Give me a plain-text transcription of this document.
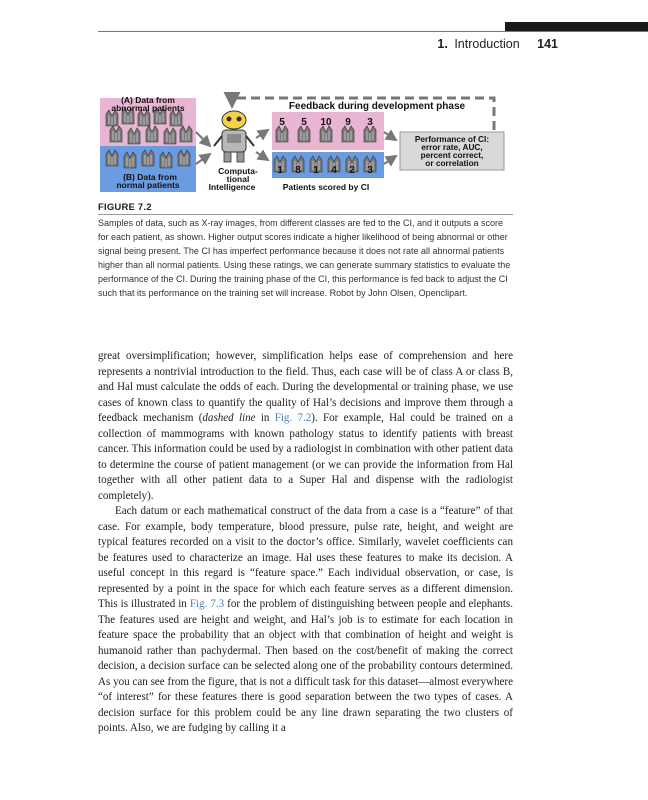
1. Introduction 141
(A) Data from
abnormal patients
(B) Data from
normal patients
Computa-
tional
Intelligence
Feedback during development phase
5 5 10 9 3
1 8 1 4 2 3
Patients scored by CI
Performance of CI:
error rate, AUC,
percent correct,
or correlation
FIGURE 7.2
Samples of data, such as X-ray images, from different classes are fed to the CI, and it outputs a score for each patient, as shown. Higher output scores indicate a higher likelihood of being abnormal or other signal being present. The CI has imperfect performance because it does not rate all abnormal patients higher than all normal patients. Using these ratings, we can generate summary statistics to evaluate the performance of the CI. During the training phase of the CI, this performance is fed back to adjust the CI such that its performance on the training set will increase. Robot by John Olsen, Openclipart.

great oversimplification; however, simplification helps ease of comprehension and here represents a nontrivial introduction to the field. Thus, each case will be of class A or class B, and Hal must calculate the odds of each. During the developmental or training phase, we use cases of known class to quantify the quality of Hal’s decisions and improve them through a feedback mechanism (dashed line in Fig. 7.2). For example, Hal could be trained on a collection of mammograms with known pathology status to identify patients with breast cancer. This information could be used by a radiologist in combination with other patient data to determine the course of patient management (or we can provide the information from Hal together with all other patient data to a Super Hal and dispense with the radiologist completely).

Each datum or each mathematical construct of the data from a case is a “feature” of that case. For example, body temperature, blood pressure, pulse rate, height, and weight are typical features recorded on a visit to the doctor’s office. Similarly, wavelet coefficients can be features used to characterize an image. Hal uses these features to make its decision. A useful concept in this regard is “feature space.” Each individual observation, or case, is represented by a point in the space for which each feature serves as a different dimension. This is illustrated in Fig. 7.3 for the problem of distinguishing between people and elephants. The features used are height and weight, and Hal’s job is to estimate for each location in feature space the probability that an object with that combination of height and weight is humanoid rather than pachydermal. Then based on the cost/benefit of making the correct decision, a decision surface can be selected along one of the probability contours determined. As you can see from the figure, that is not a difficult task for this dataset—almost everywhere “of interest” for these features there is good separation between the two types of cases. A decision surface for this problem could be any line drawn separating the two clusters of points. Also, we are fudging by calling it a
